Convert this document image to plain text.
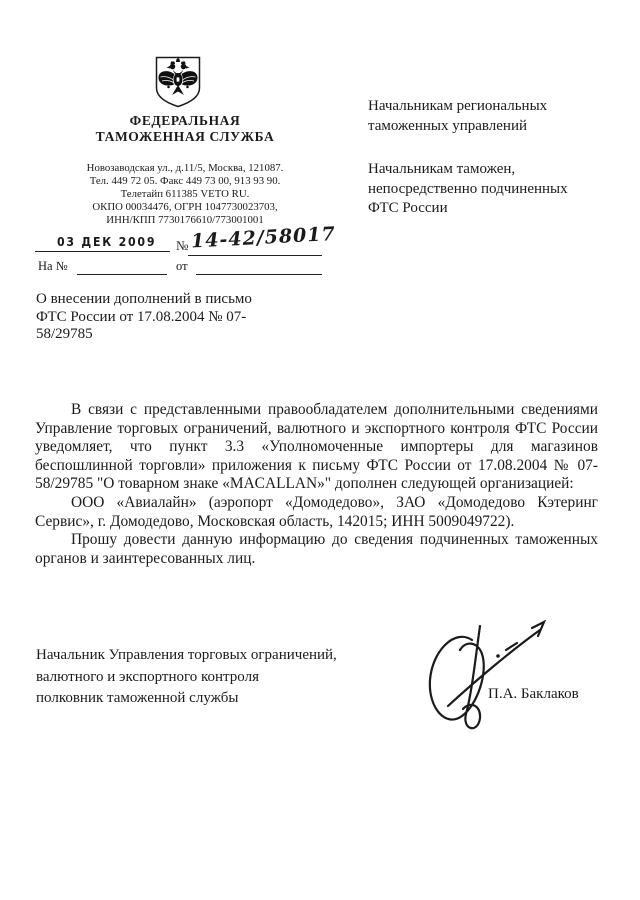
ФЕДЕРАЛЬНАЯ
ТАМОЖЕННАЯ СЛУЖБА
Новозаводская ул., д.11/5, Москва, 121087.
Тел. 449 72 05. Факс 449 73 00, 913 93 90.
Телетайп 611385 VETO RU.
ОКПО 00034476, ОГРН 1047730023703,
ИНН/КПП 7730176610/773001001
Начальникам региональных
таможенных управлений
Начальникам таможен,
непосредственно подчиненных
ФТС России
03 ДЕК 2009 № 14-42/58017
На №	от
О внесении дополнений в письмо
ФТС России от 17.08.2004 № 07-
58/29785

В связи с представленными правообладателем дополнительными сведениями Управление торговых ограничений, валютного и экспортного контроля ФТС России уведомляет, что пункт 3.3 «Уполномоченные импортеры для магазинов беспошлинной торговли» приложения к письму ФТС России от 17.08.2004 № 07-58/29785 "О товарном знаке «MACALLAN»" дополнен следующей организацией:

ООО «Авиалайн» (аэропорт «Домодедово», ЗАО «Домодедово Кэтеринг Сервис», г. Домодедово, Московская область, 142015; ИНН 5009049722).

Прошу довести данную информацию до сведения подчиненных таможенных органов и заинтересованных лиц.

Начальник Управления торговых ограничений,
валютного и экспортного контроля
полковник таможенной службы	П.А. Баклаков
